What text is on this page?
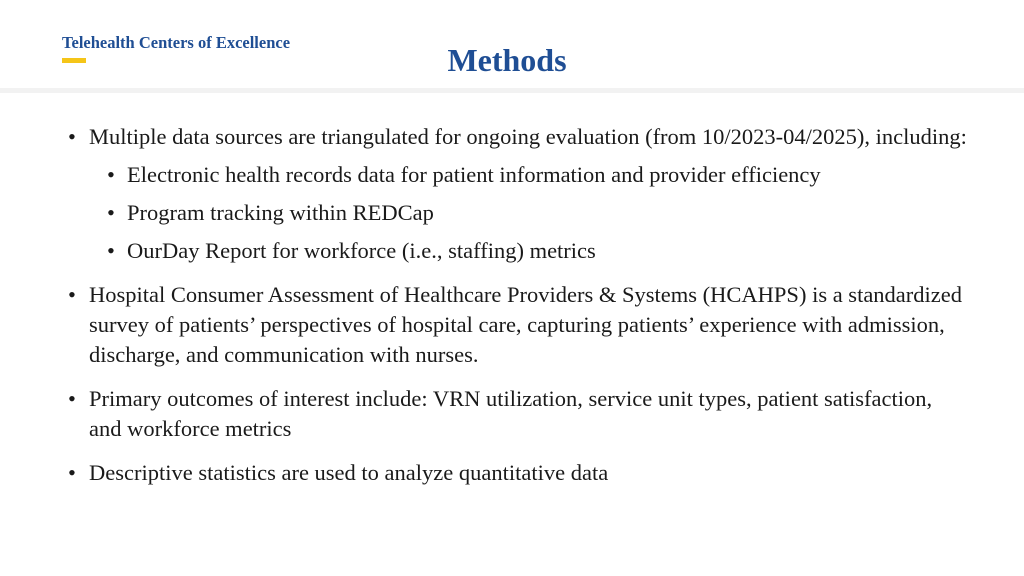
Telehealth Centers of Excellence	Methods
• Multiple data sources are triangulated for ongoing evaluation (from 10/2023-04/2025), including:
• Electronic health records data for patient information and provider efficiency
• Program tracking within REDCap
• OurDay Report for workforce (i.e., staffing) metrics
• Hospital Consumer Assessment of Healthcare Providers & Systems (HCAHPS) is a standardized survey of patients’ perspectives of hospital care, capturing patients’ experience with admission, discharge, and communication with nurses.
• Primary outcomes of interest include: VRN utilization, service unit types, patient satisfaction, and workforce metrics
• Descriptive statistics are used to analyze quantitative data
